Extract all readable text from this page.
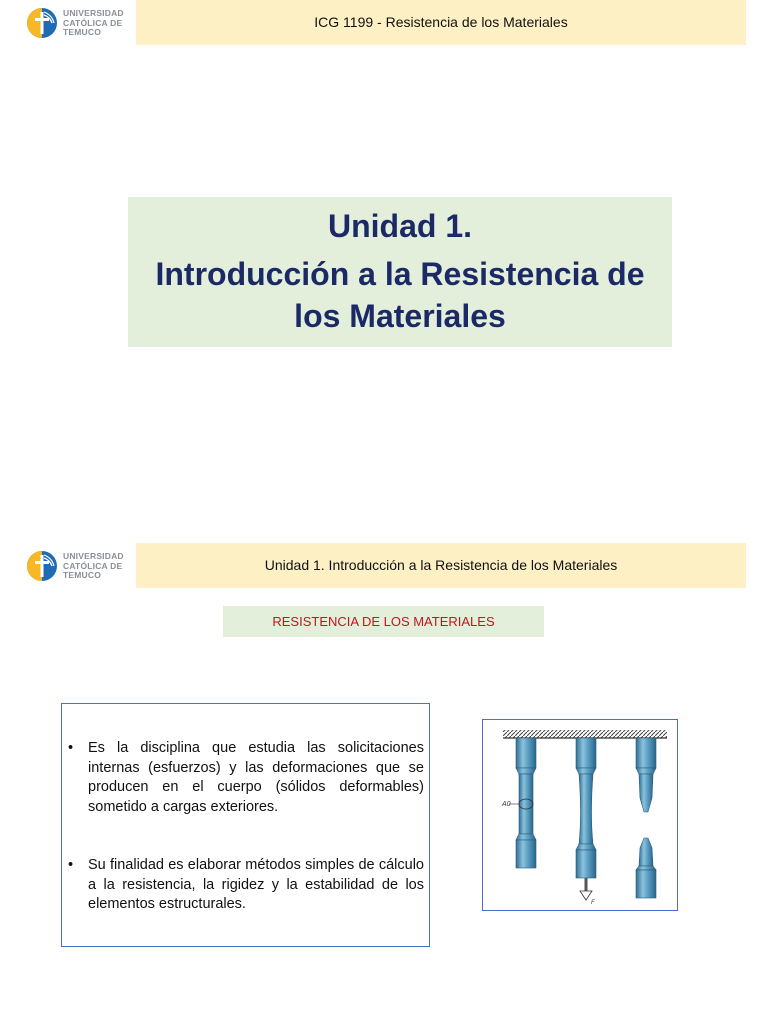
UNIVERSIDAD
CATÓLICA DE
TEMUCO
ICG 1199 - Resistencia de los Materiales
Unidad 1.
Introducción a la Resistencia de los Materiales
UNIVERSIDAD
CATÓLICA DE
TEMUCO
Unidad 1. Introducción a la Resistencia de los Materiales
RESISTENCIA DE LOS MATERIALES
• Es la disciplina que estudia las solicitaciones internas (esfuerzos) y las deformaciones que se producen en el cuerpo (sólidos deformables) sometido a cargas exteriores.
• Su finalidad es elaborar métodos simples de cálculo a la resistencia, la rigidez y la estabilidad de los elementos estructurales.
A0
F
